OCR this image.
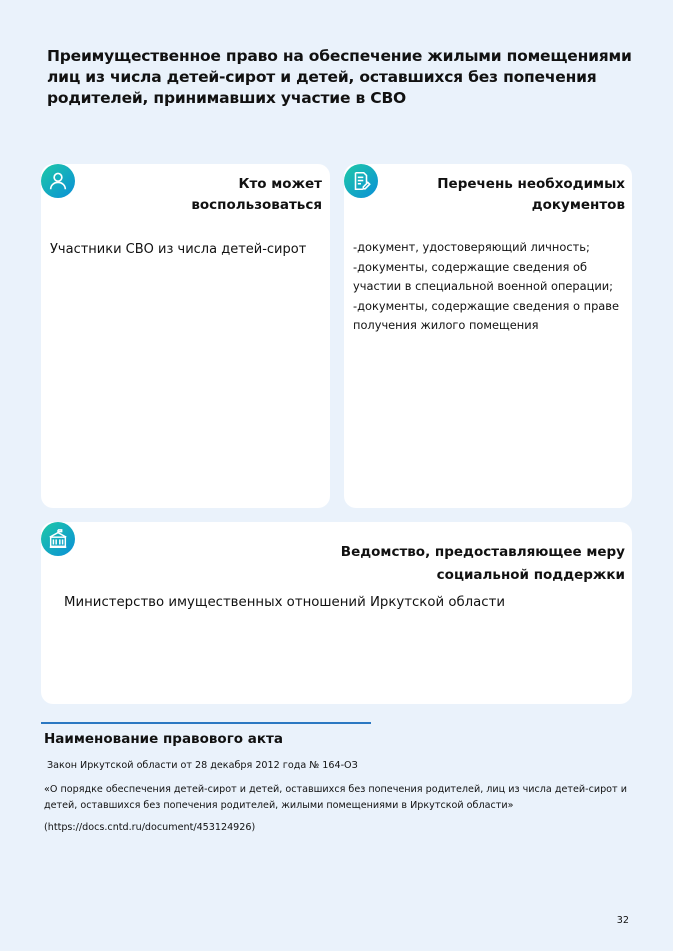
Преимущественное право на обеспечение жилыми помещениями лиц из числа детей-сирот и детей, оставшихся без попечения родителей, принимавших участие в СВО
Кто может воспользоваться
Участники СВО из числа детей-сирот
Перечень необходимых документов
-документ, удостоверяющий личность;
-документы, содержащие сведения об участии в специальной военной операции;
-документы, содержащие сведения о праве получения жилого помещения
Ведомство, предоставляющее меру социальной поддержки
Министерство имущественных отношений Иркутской области
Наименование правового акта
Закон Иркутской области от 28 декабря 2012 года № 164-ОЗ
«О порядке обеспечения детей-сирот и детей, оставшихся без попечения родителей, лиц из числа детей-сирот и детей, оставшихся без попечения родителей, жилыми помещениями в Иркутской области»
(https://docs.cntd.ru/document/453124926)
32
